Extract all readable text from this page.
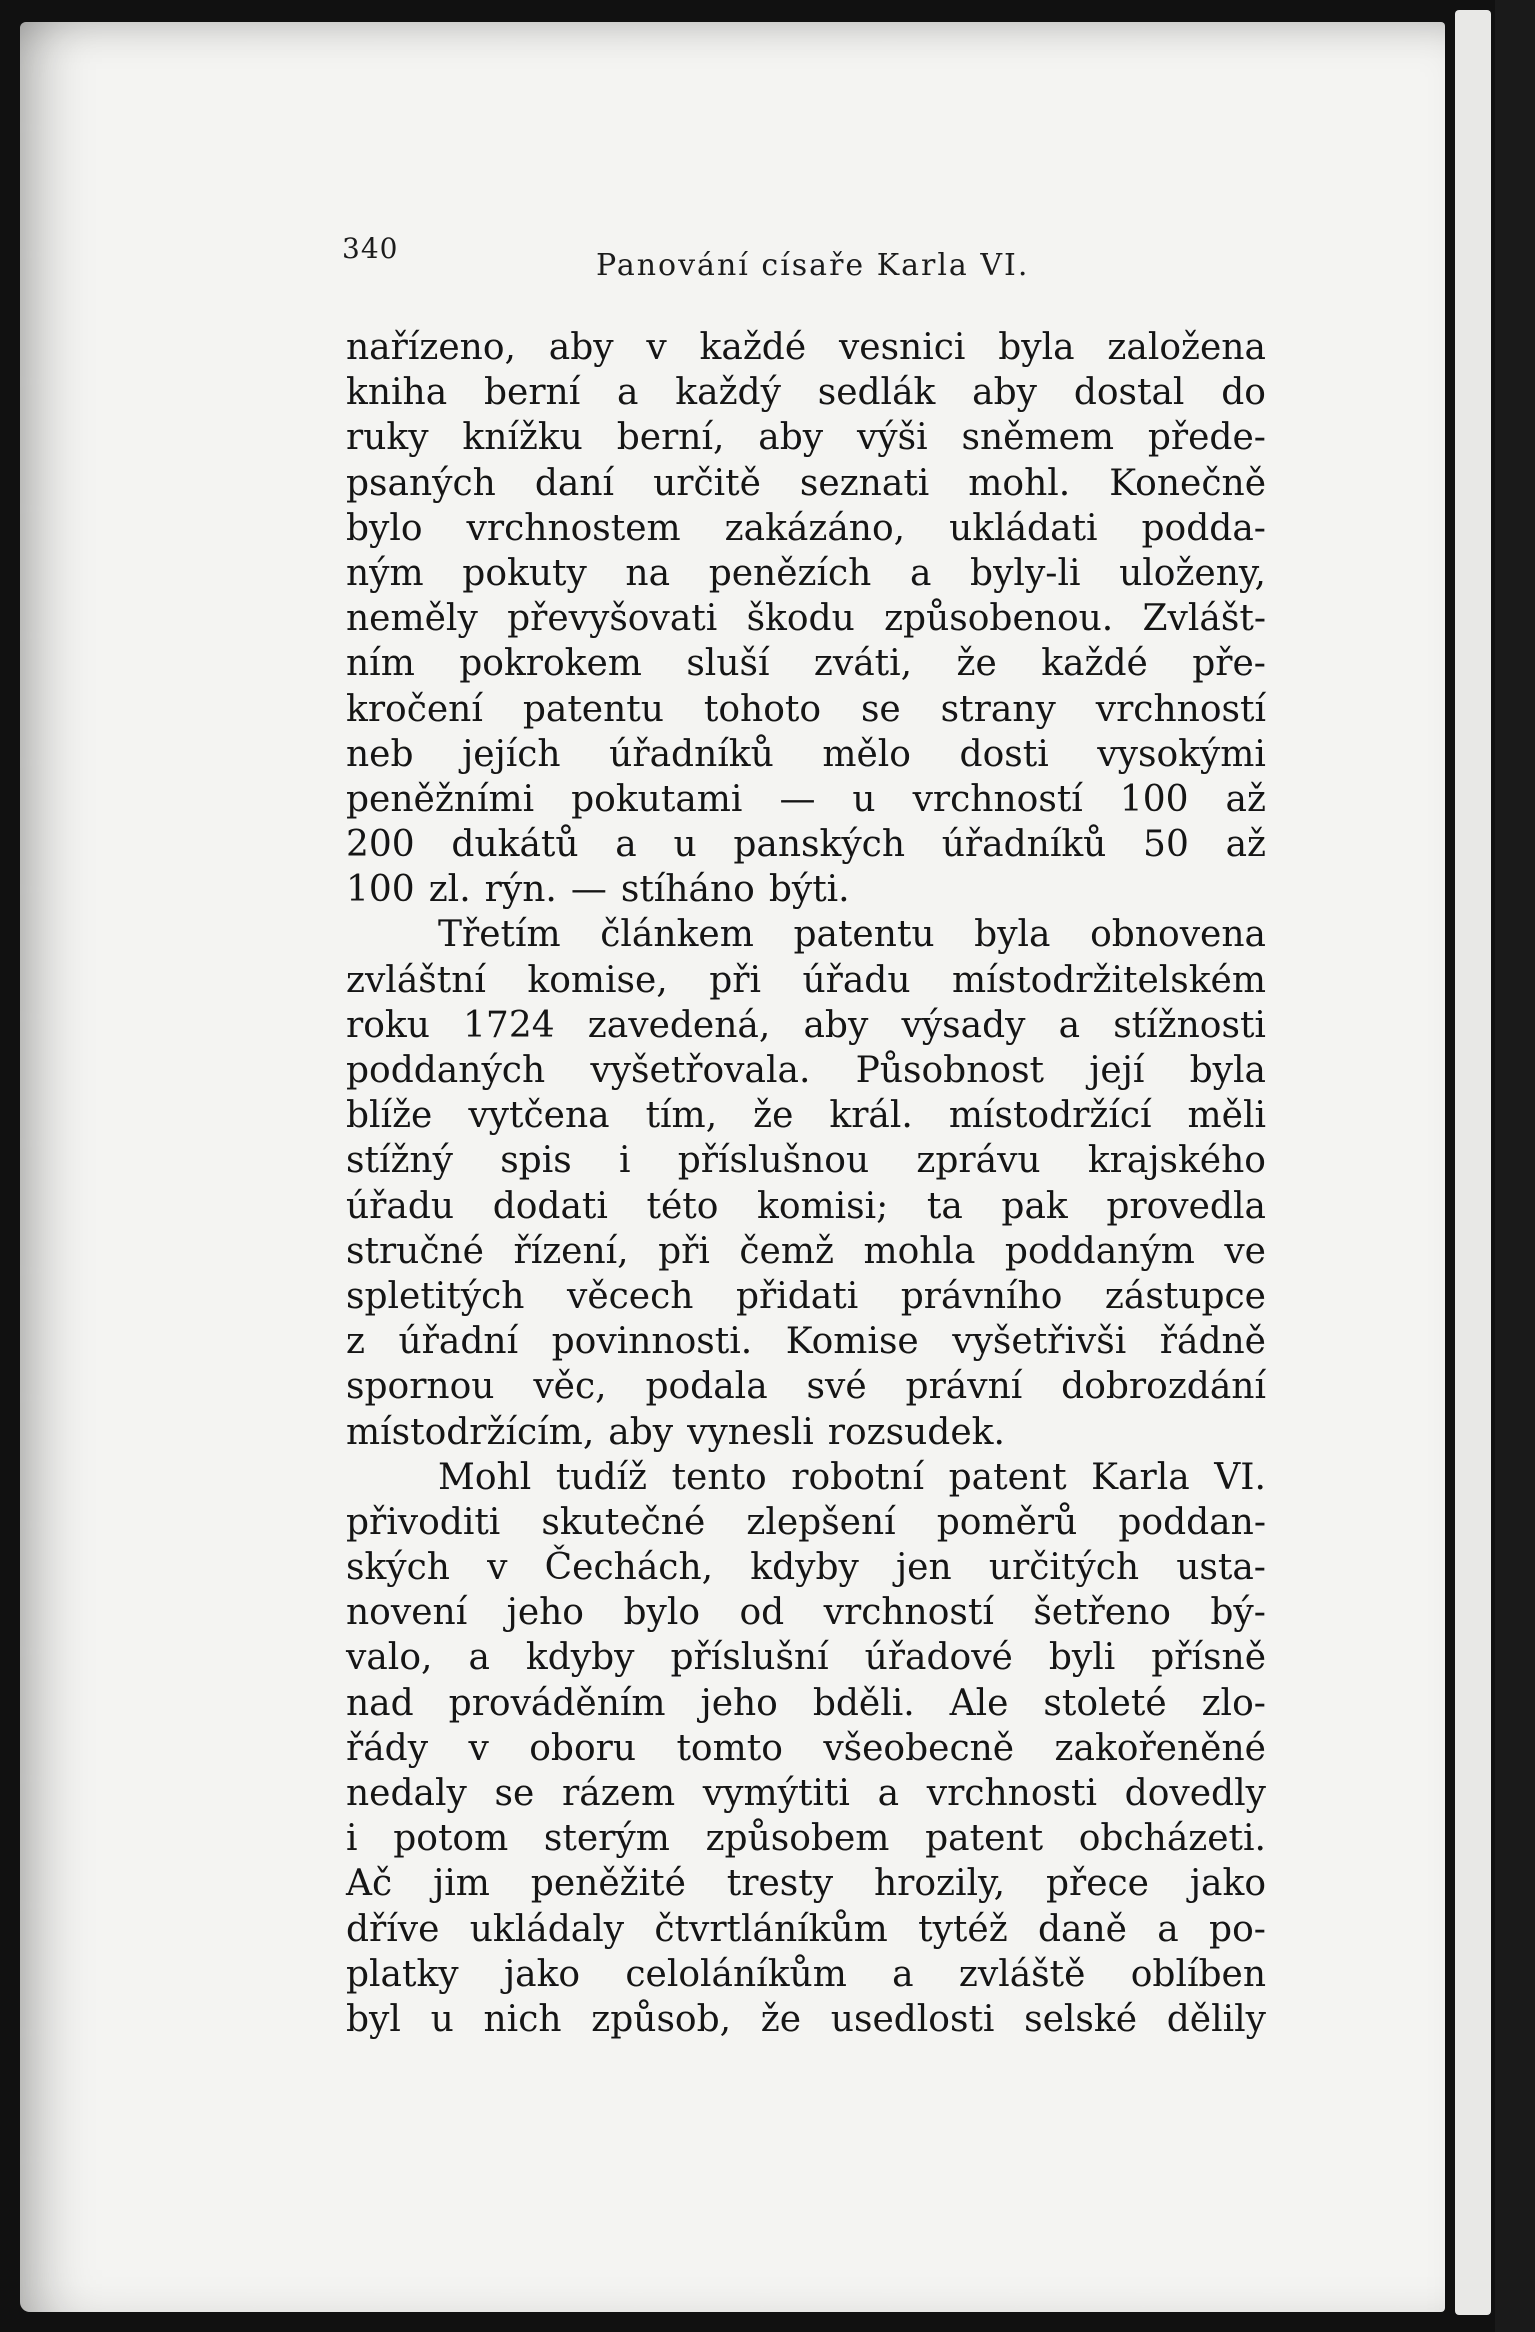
340	Panování císaře Karla VI.
nařízeno, aby v každé vesnici byla založena
kniha berní a každý sedlák aby dostal do
ruky knížku berní, aby výši sněmem přede-
psaných daní určitě seznati mohl. Konečně
bylo vrchnostem zakázáno, ukládati podda-
ným pokuty na penězích a byly-li uloženy,
neměly převyšovati škodu způsobenou. Zvlášt-
ním pokrokem sluší zváti, že každé pře-
kročení patentu tohoto se strany vrchností
neb jejích úřadníků mělo dosti vysokými
peněžními pokutami — u vrchností 100 až
200 dukátů a u panských úřadníků 50 až
100 zl. rýn. — stíháno býti.
Třetím článkem patentu byla obnovena
zvláštní komise, při úřadu místodržitelském
roku 1724 zavedená, aby výsady a stížnosti
poddaných vyšetřovala. Působnost její byla
blíže vytčena tím, že král. místodržící měli
stížný spis i příslušnou zprávu krajského
úřadu dodati této komisi; ta pak provedla
stručné řízení, při čemž mohla poddaným ve
spletitých věcech přidati právního zástupce
z úřadní povinnosti. Komise vyšetřivši řádně
spornou věc, podala své právní dobrozdání
místodržícím, aby vynesli rozsudek.
Mohl tudíž tento robotní patent Karla VI.
přivoditi skutečné zlepšení poměrů poddan-
ských v Čechách, kdyby jen určitých usta-
novení jeho bylo od vrchností šetřeno bý-
valo, a kdyby příslušní úřadové byli přísně
nad prováděním jeho bděli. Ale stoleté zlo-
řády v oboru tomto všeobecně zakořeněné
nedaly se rázem vymýtiti a vrchnosti dovedly
i potom sterým způsobem patent obcházeti.
Ač jim peněžité tresty hrozily, přece jako
dříve ukládaly čtvrtláníkům tytéž daně a po-
platky jako celoláníkům a zvláště oblíben
byl u nich způsob, že usedlosti selské dělily
